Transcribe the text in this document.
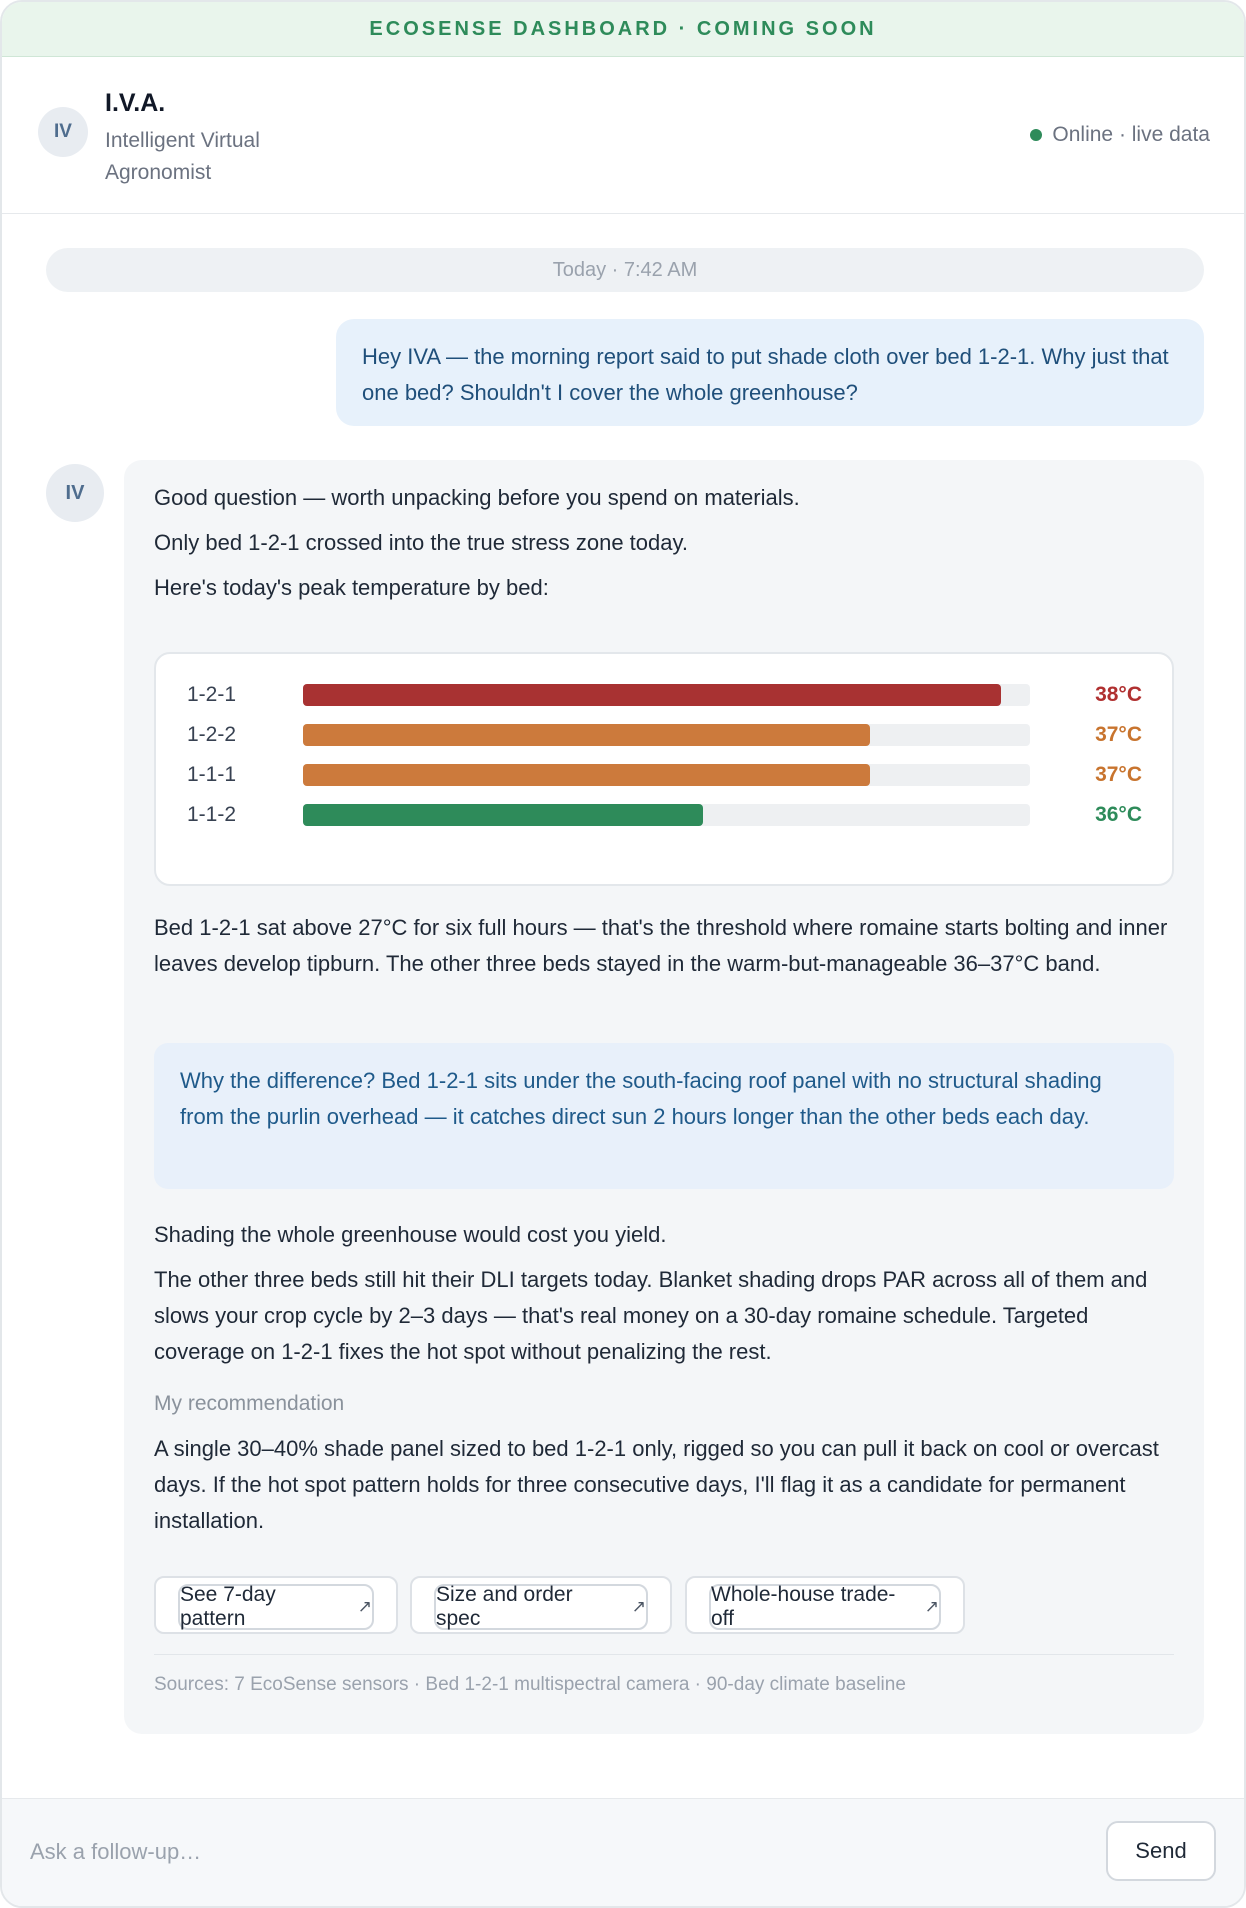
ECOSENSE DASHBOARD · COMING SOON
IV
I.V.A.
Intelligent Virtual Agronomist
Online · live data
Today · 7:42 AM
Hey IVA — the morning report said to put shade cloth over bed 1-2-1. Why just that one bed? Shouldn't I cover the whole greenhouse?
IV	Good question — worth unpacking before you spend on materials.
Only bed 1-2-1 crossed into the true stress zone today.
Here's today's peak temperature by bed:
1-2-1	38°C
1-2-2	37°C
1-1-1	37°C
1-1-2	36°C
Bed 1-2-1 sat above 27°C for six full hours — that's the threshold where romaine starts bolting and inner leaves develop tipburn. The other three beds stayed in the warm-but-manageable 36–37°C band.
Why the difference? Bed 1-2-1 sits under the south-facing roof panel with no structural shading from the purlin overhead — it catches direct sun 2 hours longer than the other beds each day.
Shading the whole greenhouse would cost you yield.
The other three beds still hit their DLI targets today. Blanket shading drops PAR across all of them and slows your crop cycle by 2–3 days — that's real money on a 30-day romaine schedule. Targeted coverage on 1-2-1 fixes the hot spot without penalizing the rest.
My recommendation
A single 30–40% shade panel sized to bed 1-2-1 only, rigged so you can pull it back on cool or overcast days. If the hot spot pattern holds for three consecutive days, I'll flag it as a candidate for permanent installation.
See 7-day pattern
↗
Size and order spec
↗
Whole-house trade-off
↗
Sources: 7 EcoSense sensors · Bed 1-2-1 multispectral camera · 90-day climate baseline
Ask a follow-up…
Send
